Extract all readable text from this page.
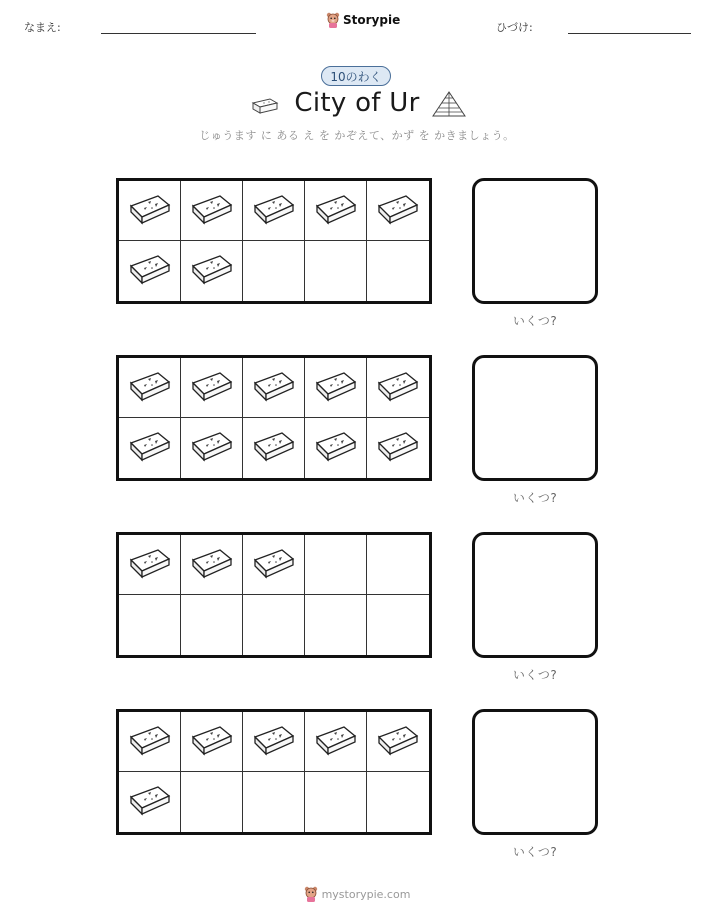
なまえ:
Storypie
ひづけ:
10のわく
City of Ur
じゅうます に ある え を かぞえて、かず を かきましょう。
いくつ?
いくつ?
いくつ?
いくつ?
mystorypie.com
